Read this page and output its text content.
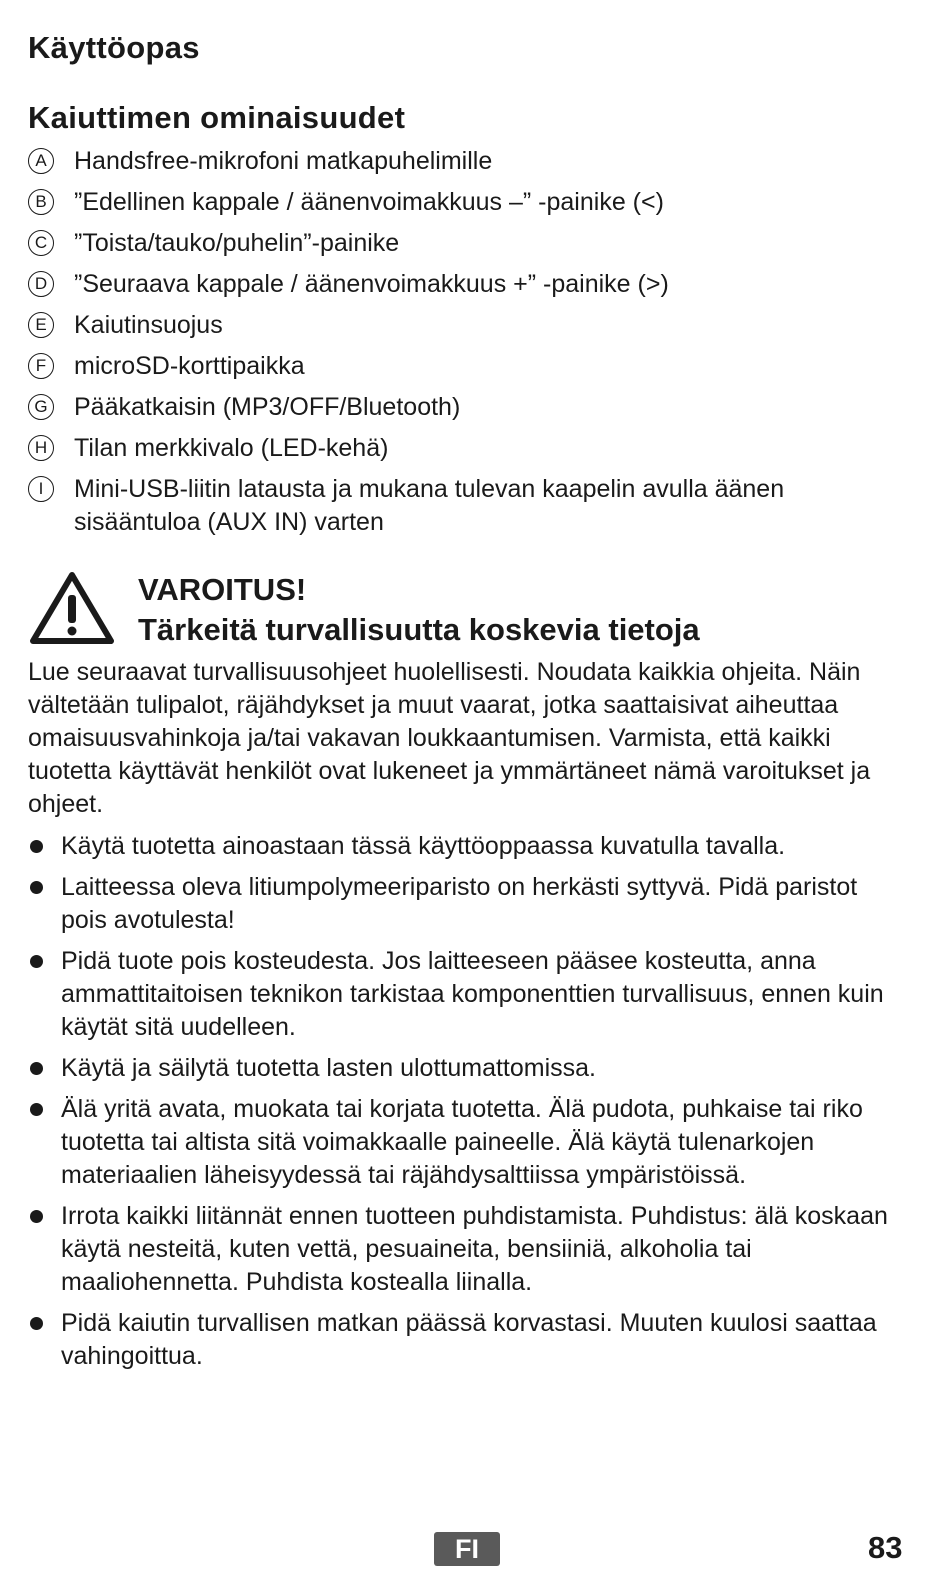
Käyttöopas
Kaiuttimen ominaisuudet
A Handsfree-mikrofoni matkapuhelimille
B ”Edellinen kappale / äänenvoimakkuus –” -painike (<)
C ”Toista/tauko/puhelin”-painike
D ”Seuraava kappale / äänenvoimakkuus +” -painike (>)
E Kaiutinsuojus
F	microSD-korttipaikka
G Pääkatkaisin (MP3/OFF/Bluetooth)
H Tilan merkkivalo (LED-kehä)
I	Mini-USB-liitin latausta ja mukana tulevan kaapelin avulla äänen sisääntuloa (AUX IN) varten
VAROITUS!
Tärkeitä turvallisuutta koskevia tietoja

Lue seuraavat turvallisuusohjeet huolellisesti. Noudata kaikkia ohjeita. Näin vältetään tulipalot, räjähdykset ja muut vaarat, jotka saattaisivat aiheuttaa omaisuusvahinkoja ja/tai vakavan loukkaantumisen. Varmista, että kaikki tuotetta käyttävät henkilöt ovat lukeneet ja ymmärtäneet nämä varoitukset ja ohjeet.

Käytä tuotetta ainoastaan tässä käyttöoppaassa kuvatulla tavalla.
Laitteessa oleva litiumpolymeeriparisto on herkästi syttyvä. Pidä paristot pois avotulesta!
Pidä tuote pois kosteudesta. Jos laitteeseen pääsee kosteutta, anna ammattitaitoisen teknikon tarkistaa komponenttien turvallisuus, ennen kuin käytät sitä uudelleen.
Käytä ja säilytä tuotetta lasten ulottumattomissa.
Älä yritä avata, muokata tai korjata tuotetta. Älä pudota, puhkaise tai riko tuotetta tai altista sitä voimakkaalle paineelle. Älä käytä tulenarkojen materiaalien läheisyydessä tai räjähdysalttiissa ympäristöissä.
Irrota kaikki liitännät ennen tuotteen puhdistamista. Puhdistus: älä koskaan käytä nesteitä, kuten vettä, pesuaineita, bensiiniä, alkoholia tai maaliohennetta. Puhdista kostealla liinalla.
Pidä kaiutin turvallisen matkan päässä korvastasi. Muuten kuulosi saattaa vahingoittua.
FI	83
